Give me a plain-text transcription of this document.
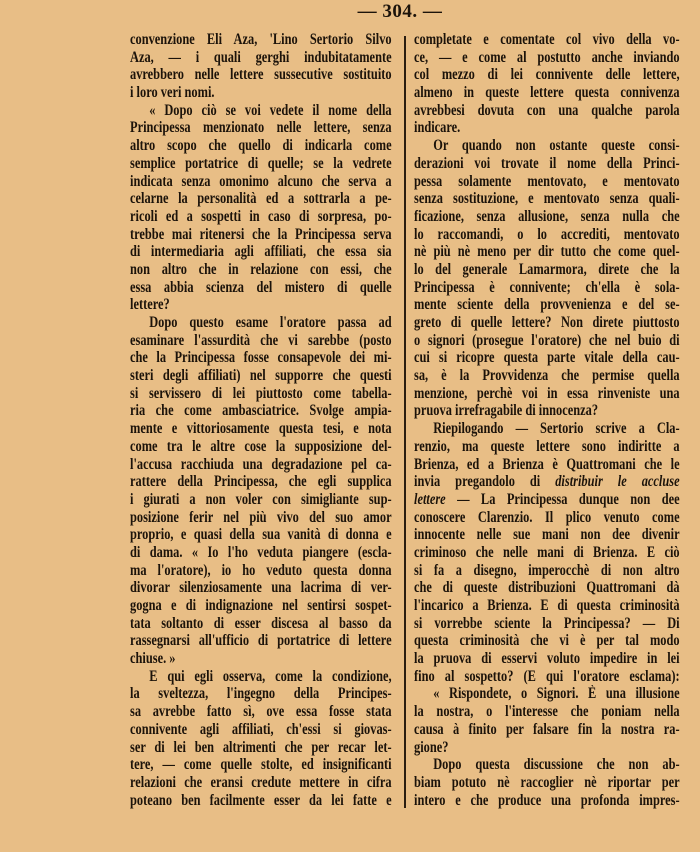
— 304. —
convenzione Eli Aza, 'Lino Sertorio Silvo
Aza, — i quali gerghi indubitatamente
avrebbero nelle lettere sussecutive sostituito
i loro veri nomi.
« Dopo ciò se voi vedete il nome della
Principessa menzionato nelle lettere, senza
altro scopo che quello di indicarla come
semplice portatrice di quelle; se la vedrete
indicata senza omonimo alcuno che serva a
celarne la personalità ed a sottrarla a pe-
ricoli ed a sospetti in caso di sorpresa, po-
trebbe mai ritenersi che la Principessa serva
di intermediaria agli affiliati, che essa sia
non altro che in relazione con essi, che
essa abbia scienza del mistero di quelle
lettere?
Dopo questo esame l'oratore passa ad
esaminare l'assurdità che vi sarebbe (posto
che la Principessa fosse consapevole dei mi-
steri degli affiliati) nel supporre che questi
si servissero di lei piuttosto come tabella-
ria che come ambasciatrice. Svolge ampia-
mente e vittoriosamente questa tesi, e nota
come tra le altre cose la supposizione del-
l'accusa racchiuda una degradazione pel ca-
rattere della Principessa, che egli supplica
i giurati a non voler con simigliante sup-
posizione ferir nel più vivo del suo amor
proprio, e quasi della sua vanità di donna e
di dama. « Io l'ho veduta piangere (escla-
ma l'oratore), io ho veduto questa donna
divorar silenziosamente una lacrima di ver-
gogna e di indignazione nel sentirsi sospet-
tata soltanto di esser discesa al basso da
rassegnarsi all'ufficio di portatrice di lettere
chiuse. »
E qui egli osserva, come la condizione,
la sveltezza, l'ingegno della Principes-
sa avrebbe fatto sì, ove essa fosse stata
connivente agli affiliati, ch'essi si giovas-
ser di lei ben altrimenti che per recar let-
tere, — come quelle stolte, ed insignificanti
relazioni che eransi credute mettere in cifra
poteano ben facilmente esser da lei fatte e
completate e comentate col vivo della vo-
ce, — e come al postutto anche inviando
col mezzo di lei connivente delle lettere,
almeno in queste lettere questa connivenza
avrebbesi dovuta con una qualche parola
indicare.
Or quando non ostante queste consi-
derazioni voi trovate il nome della Princi-
pessa solamente mentovato, e mentovato
senza sostituzione, e mentovato senza quali-
ficazione, senza allusione, senza nulla che
lo raccomandi, o lo accrediti, mentovato
nè più nè meno per dir tutto che come quel-
lo del generale Lamarmora, direte che la
Principessa è connivente; ch'ella è sola-
mente sciente della provvenienza e del se-
greto di quelle lettere? Non direte piuttosto
o signori (prosegue l'oratore) che nel buio di
cui si ricopre questa parte vitale della cau-
sa, è la Provvidenza che permise quella
menzione, perchè voi in essa rinveniste una
pruova irrefragabile di innocenza?
Riepilogando — Sertorio scrive a Cla-
renzio, ma queste lettere sono indiritte a
Brienza, ed a Brienza è Quattromani che le
invia pregandolo di distribuir le accluse
lettere — La Principessa dunque non dee
conoscere Clarenzio. Il plico venuto come
innocente nelle sue mani non dee divenir
criminoso che nelle mani di Brienza. E ciò
si fa a disegno, imperocchè di non altro
che di queste distribuzioni Quattromani dà
l'incarico a Brienza. E di questa criminosità
si vorrebbe sciente la Principessa? — Di
questa criminosità che vi è per tal modo
la pruova di esservi voluto impedire in lei
fino al sospetto? (E qui l'oratore esclama):
« Rispondete, o Signori. È una illusione
la nostra, o l'interesse che poniam nella
causa à finito per falsare fin la nostra ra-
gione?
Dopo questa discussione che non ab-
biam potuto nè raccoglier nè riportar per
intero e che produce una profonda impres-
